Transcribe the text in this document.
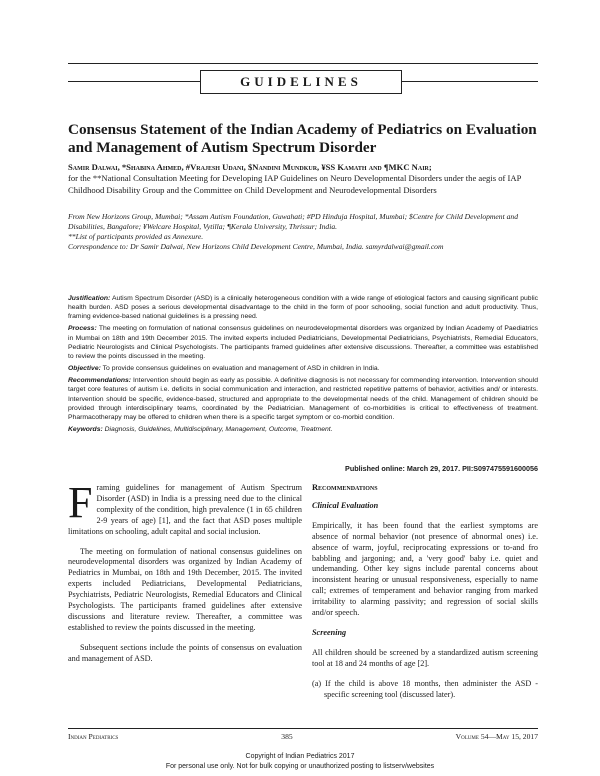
GUIDELINES
Consensus Statement of the Indian Academy of Pediatrics on Evaluation and Management of Autism Spectrum Disorder
Samir Dalwai, *Shabina Ahmed, #Vrajesh Udani, $Nandini Mundkur, ¥SS Kamath and ¶MKC Nair;
for the **National Consultation Meeting for Developing IAP Guidelines on Neuro Developmental Disorders under the aegis of IAP Childhood Disability Group and the Committee on Child Development and Neurodevelopmental Disorders
From New Horizons Group, Mumbai; *Assam Autism Foundation, Guwahati; #PD Hinduja Hospital, Mumbai; $Centre for Child Development and Disabilities, Bangalore; ¥Welcare Hospital, Vytilla; ¶Kerala University, Thrissur; India.
**List of participants provided as Annexure.
Correspondence to: Dr Samir Dalwai, New Horizons Child Development Centre, Mumbai, India. samyrdalwai@gmail.com

Justification: Autism Spectrum Disorder (ASD) is a clinically heterogeneous condition with a wide range of etiological factors and causing significant public health burden. ASD poses a serious developmental disadvantage to the child in the form of poor schooling, social function and adult productivity. Thus, framing evidence-based national guidelines is a pressing need.

Process: The meeting on formulation of national consensus guidelines on neurodevelopmental disorders was organized by Indian Academy of Paediatrics in Mumbai on 18th and 19th December 2015. The invited experts included Pediatricians, Developmental Pediatricians, Psychiatrists, Remedial Educators, Pediatric Neurologists and Clinical Psychologists. The participants framed guidelines after extensive discussions. Thereafter, a committee was established to review the points discussed in the meeting.

Objective: To provide consensus guidelines on evaluation and management of ASD in children in India.

Recommendations: Intervention should begin as early as possible. A definitive diagnosis is not necessary for commending intervention. Intervention should target core features of autism i.e. deficits in social communication and interaction, and restricted repetitive patterns of behavior, activities and/ or interests. Intervention should be specific, evidence-based, structured and appropriate to the developmental needs of the child. Management of children should be provided through interdisciplinary teams, coordinated by the Pediatrician. Management of co-morbidities is critical to effectiveness of treatment. Pharmacotherapy may be offered to children when there is a specific target symptom or co-morbid condition.

Keywords: Diagnosis, Guidelines, Multidisciplinary, Management, Outcome, Treatment.

Published online: March 29, 2017. PII:S097475591600056

Framing guidelines for management of Autism Spectrum Disorder (ASD) in India is a pressing need due to the clinical complexity of the condition, high prevalence (1 in 65 children 2-9 years of age) [1], and the fact that ASD poses multiple limitations on schooling, adult capital and social inclusion.

The meeting on formulation of national consensus guidelines on neurodevelopmental disorders was organized by Indian Academy of Pediatrics in Mumbai, on 18th and 19th December, 2015. The invited experts included Pediatricians, Developmental Pediatricians, Psychiatrists, Pediatric Neurologists, Remedial Educators and Clinical Psychologists. The participants framed guidelines after extensive discussions and literature review. Thereafter, a committee was established to review the points discussed in the meeting.

Subsequent sections include the points of consensus on evaluation and management of ASD.

Recommendations
Clinical Evaluation

Empirically, it has been found that the earliest symptoms are absence of normal behavior (not presence of abnormal ones) i.e. absence of warm, joyful, reciprocating expressions or to-and fro babbling and jargoning; and, a 'very good' baby i.e. quiet and undemanding. Other key signs include parental concerns about inconsistent hearing or unusual responsiveness, especially to name call; extremes of temperament and behavior ranging from marked irritability to alarming passivity; and regression of social skills and/or speech.

Screening

All children should be screened by a standardized autism screening tool at 18 and 24 months of age [2].

(a) If the child is above 18 months, then administer the ASD - specific screening tool (discussed later).

Indian Pediatrics	385	Volume 54—May 15, 2017
Copyright of Indian Pediatrics 2017
For personal use only. Not for bulk copying or unauthorized posting to listserv/websites
